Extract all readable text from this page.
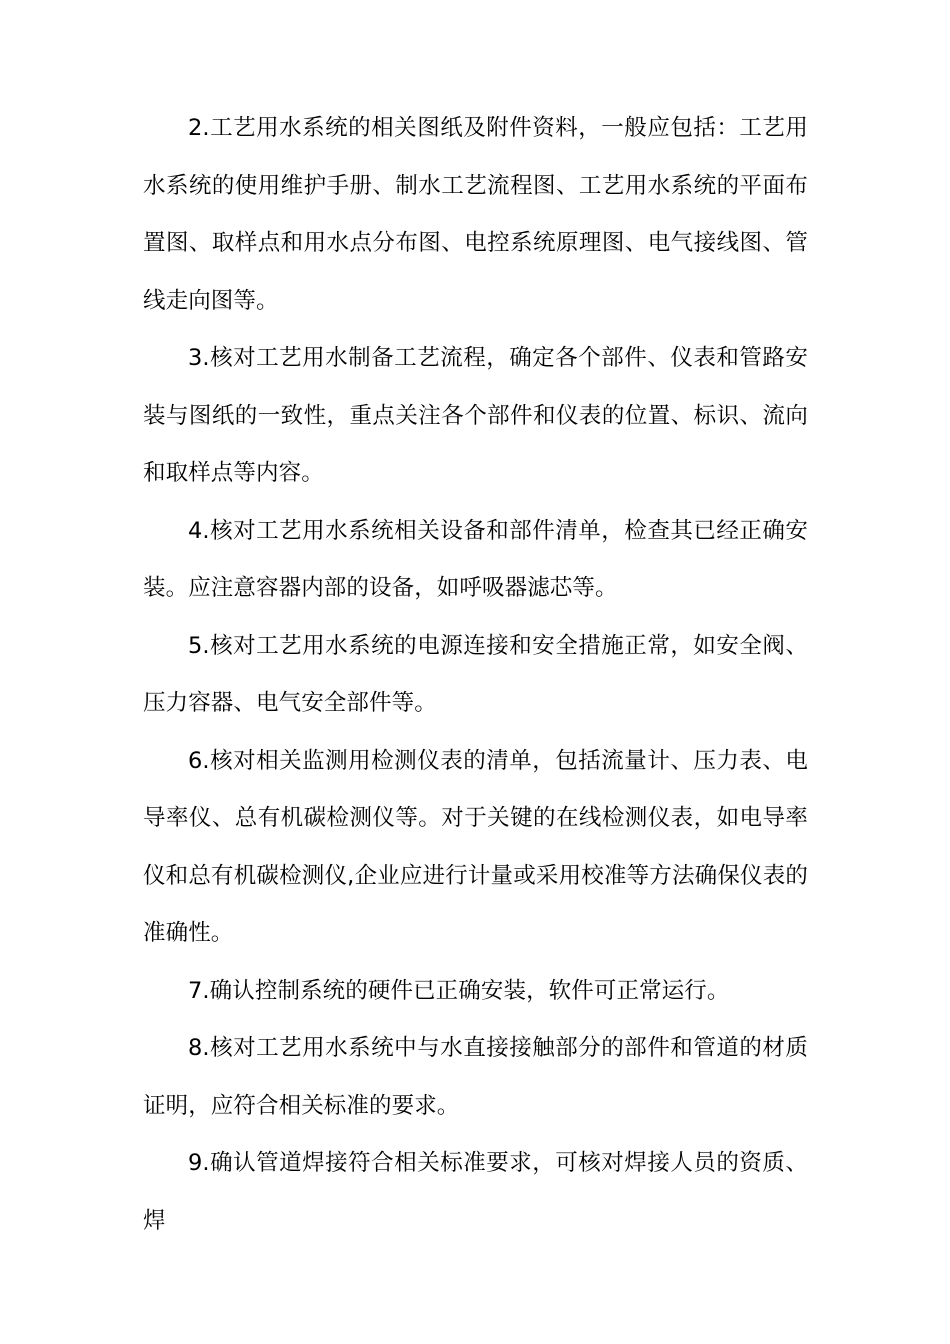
2.工艺用水系统的相关图纸及附件资料，一般应包括：工艺用水系统的使用维护手册、制水工艺流程图、工艺用水系统的平面布置图、取样点和用水点分布图、电控系统原理图、电气接线图、管线走向图等。

3.核对工艺用水制备工艺流程，确定各个部件、仪表和管路安装与图纸的一致性，重点关注各个部件和仪表的位置、标识、流向和取样点等内容。

4.核对工艺用水系统相关设备和部件清单，检查其已经正确安装。应注意容器内部的设备，如呼吸器滤芯等。

5.核对工艺用水系统的电源连接和安全措施正常，如安全阀、压力容器、电气安全部件等。

6.核对相关监测用检测仪表的清单，包括流量计、压力表、电导率仪、总有机碳检测仪等。对于关键的在线检测仪表，如电导率仪和总有机碳检测仪,企业应进行计量或采用校准等方法确保仪表的准确性。

7.确认控制系统的硬件已正确安装，软件可正常运行。

8.核对工艺用水系统中与水直接接触部分的部件和管道的材质证明，应符合相关标准的要求。

9.确认管道焊接符合相关标准要求，可核对焊接人员的资质、焊
